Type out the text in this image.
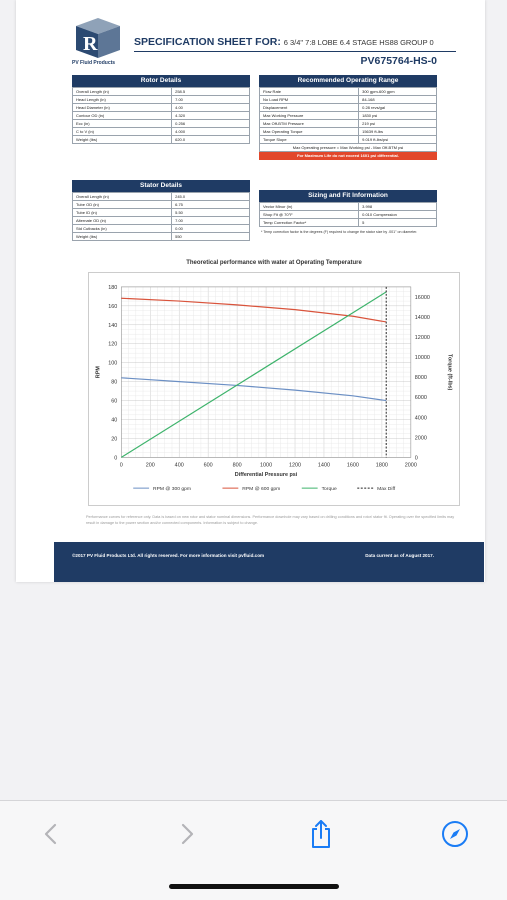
R
PV Fluid Products
SPECIFICATION SHEET FOR: 6 3/4" 7:8 LOBE 6.4 STAGE HS88 GROUP 0
PV675764-HS-0
Rotor Details
Overall Length (in)	258.5
Head Length (in)	7.00
Head Diameter (in)	4.00
Contour OD (in)	4.320
Ecc (in)	0.256
C to V (in)	4.000
Weight (lbs)	620.0
Recommended Operating Range
Flow Rate	300 gpm-600 gpm
No Load RPM	84-168
Displacement	0.28 revs/gal
Max Working Pressure	1830 psi
Max Off-BTM Pressure	219 psi
Max Operating Torque	15639 ft-lbs
Torque Slope	9.019 ft-lbs/psi
Max Operating pressure = Max Working psi - Max Off-BTM psi
For Maximum Life do not exceed 1601 psi differential.
Stator Details
Overall Length (in)	245.0
Tube OD (in)	6.75
Tube ID (in)	5.50
Alternate OD (in)	7.00
Std Cutbacks (in)	0.00
Weight (lbs)	550
Sizing and Fit Information
Vector Minor (in)	3.998
Shop Fit @ 70°F	0.010 Compression
Temp Correction Factor*	5
* Temp correction factor is the degrees (F) required to change the stator size by .001" on diameter.
Theoretical performance with water at Operating Temperature
0	200	400	600	800	1000	1200	1400	1600	1800	2000
0
20
40
60
80
100
120
140
160
180
0
2000
4000
6000
8000
10000
12000
14000
16000
Differential Pressure psi
RPM	Torque (ft-lbs)
RPM @ 300 gpm	RPM @ 600 gpm	Torque	Max Diff
Performance curves for reference only. Data is based on new rotor and stator nominal dimensions. Performance downhole may vary based on drilling conditions and rotor/ stator fit. Operating over the specified limits may result in damage to the power section and/or connected components. Information is subject to change.
©2017 PV Fluid Products Ltd. All rights reserved. For more information visit pvfluid.com	Data current as of August 2017.
